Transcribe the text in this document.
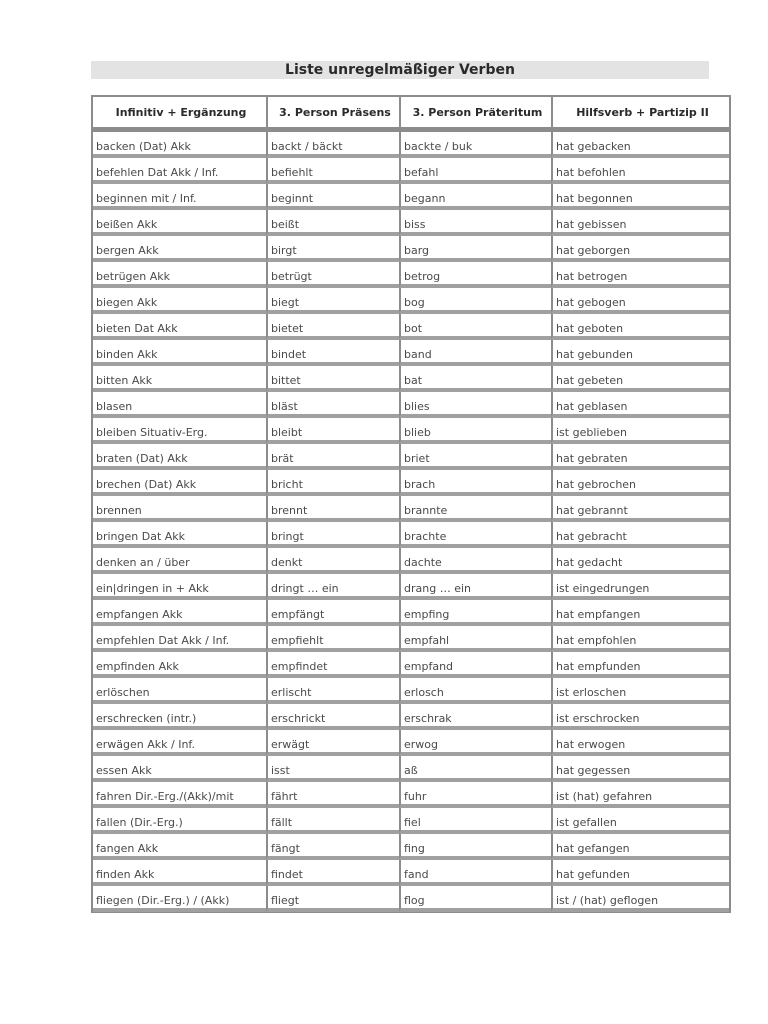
Liste unregelmäßiger Verben
Infinitiv + Ergänzung	3. Person Präsens	3. Person Präteritum	Hilfsverb + Partizip II
backen (Dat) Akk	backt / bäckt	backte / buk	hat gebacken
befehlen Dat Akk / Inf.	befiehlt	befahl	hat befohlen
beginnen mit / Inf.	beginnt	begann	hat begonnen
beißen Akk	beißt	biss	hat gebissen
bergen Akk	birgt	barg	hat geborgen
betrügen Akk	betrügt	betrog	hat betrogen
biegen Akk	biegt	bog	hat gebogen
bieten Dat Akk	bietet	bot	hat geboten
binden Akk	bindet	band	hat gebunden
bitten Akk	bittet	bat	hat gebeten
blasen	bläst	blies	hat geblasen
bleiben Situativ-Erg.	bleibt	blieb	ist geblieben
braten (Dat) Akk	brät	briet	hat gebraten
brechen (Dat) Akk	bricht	brach	hat gebrochen
brennen	brennt	brannte	hat gebrannt
bringen Dat Akk	bringt	brachte	hat gebracht
denken an / über	denkt	dachte	hat gedacht
ein|dringen in + Akk	dringt … ein	drang … ein	ist eingedrungen
empfangen Akk	empfängt	empfing	hat empfangen
empfehlen Dat Akk / Inf.	empfiehlt	empfahl	hat empfohlen
empfinden Akk	empfindet	empfand	hat empfunden
erlöschen	erlischt	erlosch	ist erloschen
erschrecken (intr.)	erschrickt	erschrak	ist erschrocken
erwägen Akk / Inf.	erwägt	erwog	hat erwogen
essen Akk	isst	aß	hat gegessen
fahren Dir.-Erg./(Akk)/mit	fährt	fuhr	ist (hat) gefahren
fallen (Dir.-Erg.)	fällt	fiel	ist gefallen
fangen Akk	fängt	fing	hat gefangen
finden Akk	findet	fand	hat gefunden
fliegen (Dir.-Erg.) / (Akk)	fliegt	flog	ist / (hat) geflogen
